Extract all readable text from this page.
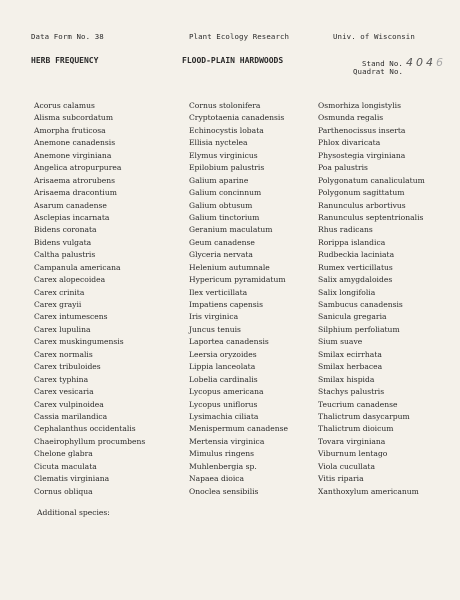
Data Form No. 38	Plant Ecology Research	Univ. of Wisconsin
HERB FREQUENCY	FLOOD-PLAIN HARDWOODS	Stand No. 4046
Quadrat No.
Acorus calamus
Alisma subcordatum
Amorpha fruticosa
Anemone canadensis
Anemone virginiana
Angelica atropurpurea
Arisaema atrorubens
Arisaema dracontium
Asarum canadense
Asclepias incarnata
Bidens coronata
Bidens vulgata
Caltha palustris
Campanula americana
Carex alopecoidea
Carex crinita
Carex grayii
Carex intumescens
Carex lupulina
Carex muskingumensis
Carex normalis
Carex tribuloides
Carex typhina
Carex vesicaria
Carex vulpinoidea
Cassia marilandica
Cephalanthus occidentalis
Chaeirophyllum procumbens
Chelone glabra
Cicuta maculata
Clematis virginiana
Cornus obliqua
Cornus stolonifera
Cryptotaenia canadensis
Echinocystis lobata
Ellisia nyctelea
Elymus virginicus
Epilobium palustris
Galium aparine
Galium concinnum
Galium obtusum
Galium tinctorium
Geranium maculatum
Geum canadense
Glyceria nervata
Helenium autumnale
Hypericum pyramidatum
Ilex verticillata
Impatiens capensis
Iris virginica
Juncus tenuis
Laportea canadensis
Leersia oryzoides
Lippia lanceolata
Lobelia cardinalis
Lycopus americana
Lycopus uniflorus
Lysimachia ciliata
Menispermum canadense
Mertensia virginica
Mimulus ringens
Muhlenbergia sp.
Napaea dioica
Onoclea sensibilis
Osmorhiza longistylis
Osmunda regalis
Parthenocissus inserta
Phlox divaricata
Physostegia virginiana
Poa palustris
Polygonatum canaliculatum
Polygonum sagittatum
Ranunculus arbortivus
Ranunculus septentrionalis
Rhus radicans
Rorippa islandica
Rudbeckia laciniata
Rumex verticillatus
Salix amygdaloides
Salix longifolia
Sambucus canadensis
Sanicula gregaria
Silphium perfoliatum
Sium suave
Smilax ecirrhata
Smilax herbacea
Smilax hispida
Stachys palustris
Teucrium canadense
Thalictrum dasycarpum
Thalictrum dioicum
Tovara virginiana
Viburnum lentago
Viola cucullata
Vitis riparia
Xanthoxylum americanum
Additional species:
